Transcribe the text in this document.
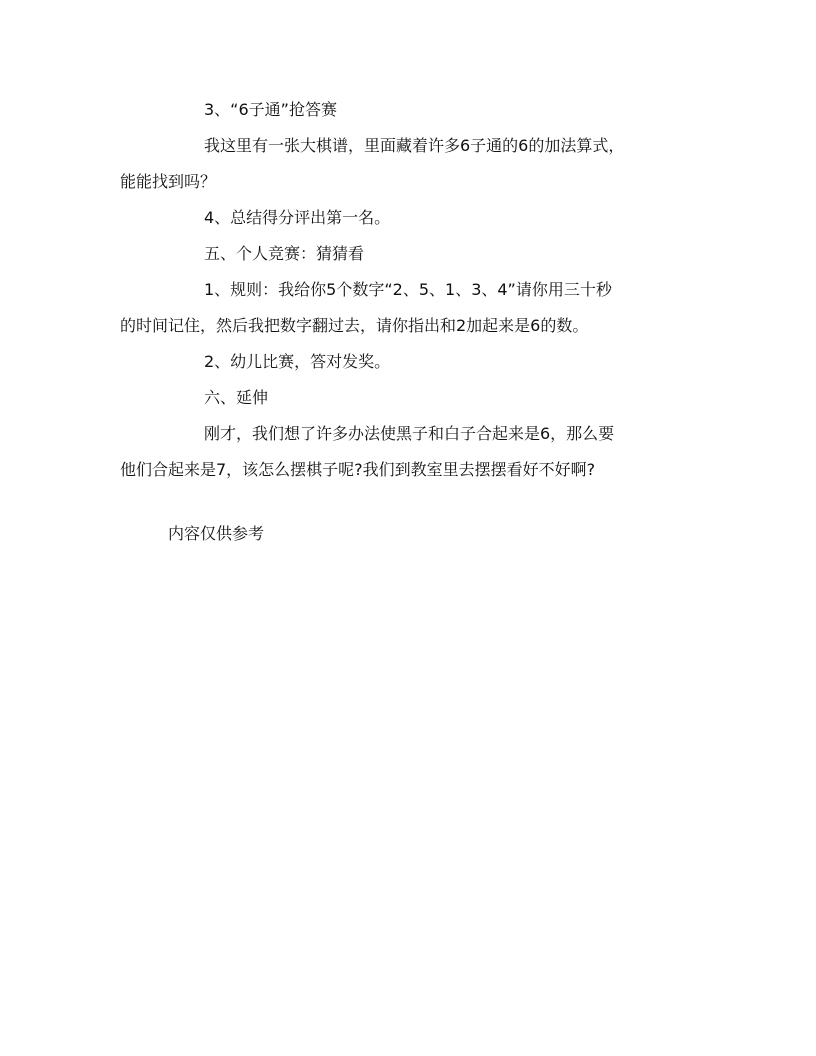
3、“6子通”抢答赛

我这里有一张大棋谱，里面藏着许多6子通的6的加法算式，

能能找到吗？

4、总结得分评出第一名。

五、个人竞赛：猜猜看

1、规则：我给你5个数字“2、5、1、3、4”请你用三十秒

的时间记住，然后我把数字翻过去，请你指出和2加起来是6的数。

2、幼儿比赛，答对发奖。

六、延伸

刚才，我们想了许多办法使黑子和白子合起来是6，那么要

他们合起来是7，该怎么摆棋子呢?我们到教室里去摆摆看好不好啊?

内容仅供参考
